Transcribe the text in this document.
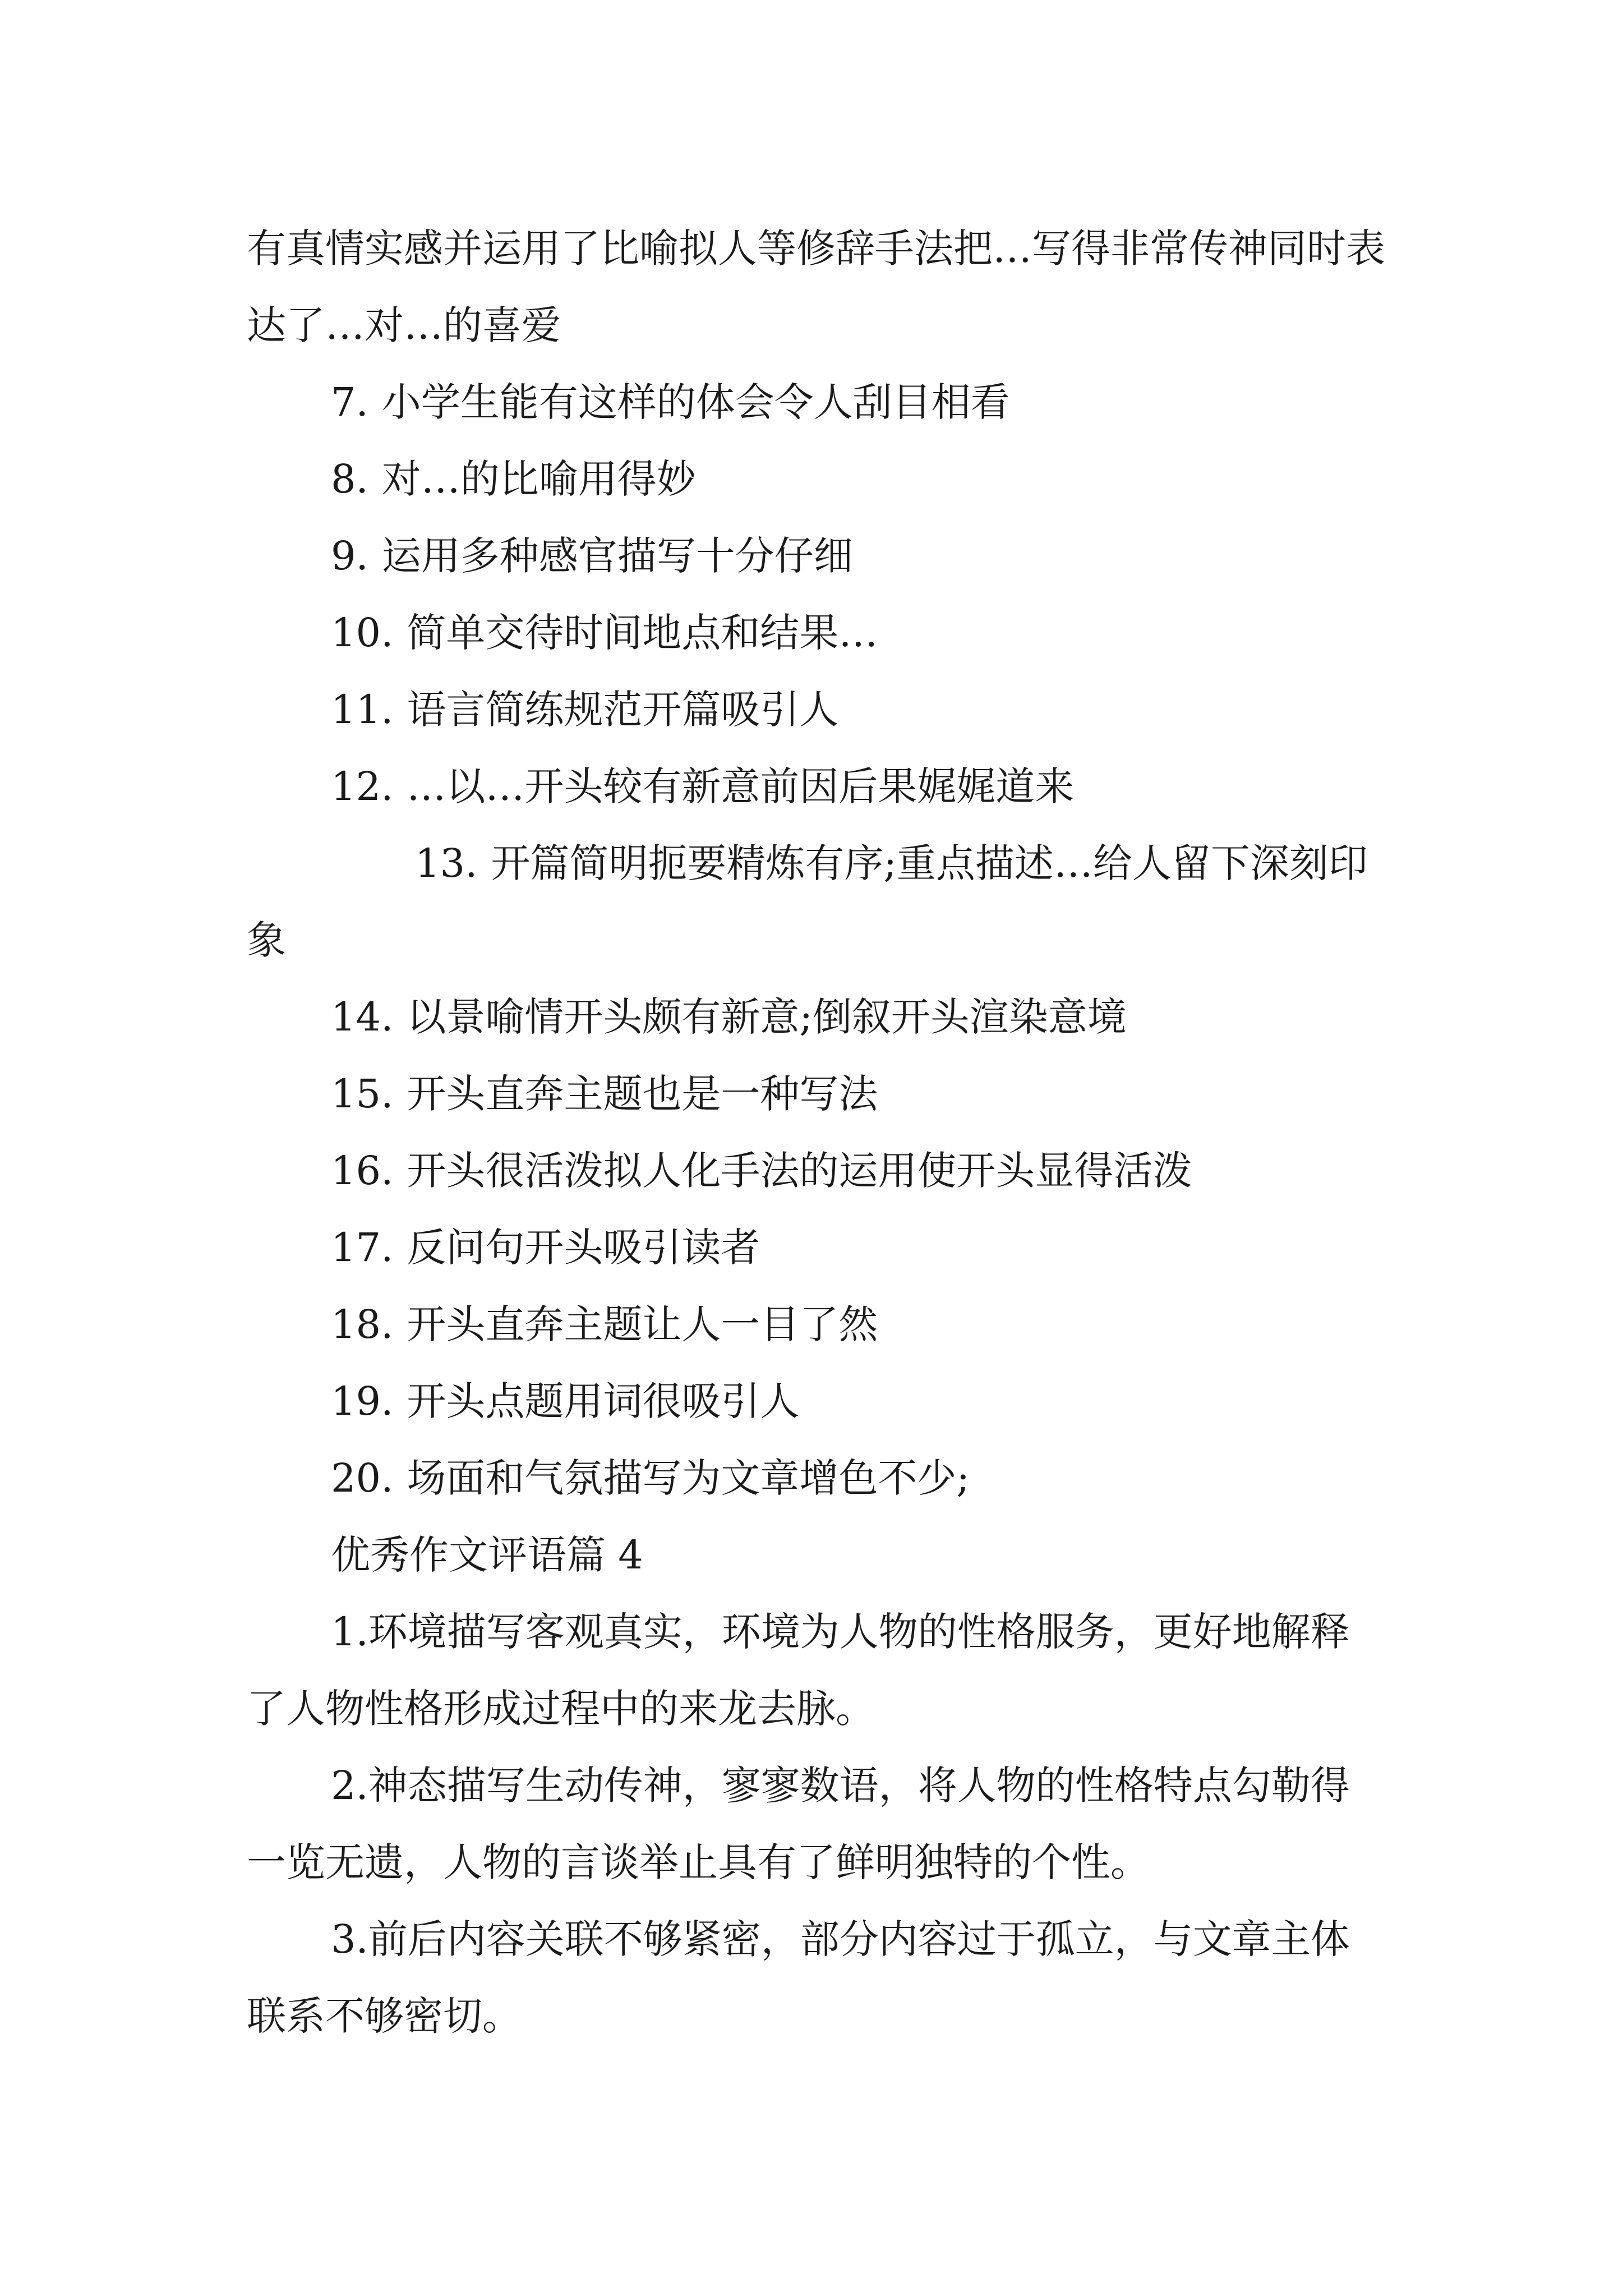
有真情实感并运用了比喻拟人等修辞手法把…写得非常传神同时表达了…对…的喜爱

7. 小学生能有这样的体会令人刮目相看

8. 对…的比喻用得妙

9. 运用多种感官描写十分仔细

10. 简单交待时间地点和结果…

11. 语言简练规范开篇吸引人

12. …以…开头较有新意前因后果娓娓道来

13. 开篇简明扼要精炼有序;重点描述…给人留下深刻印象

14. 以景喻情开头颇有新意;倒叙开头渲染意境

15. 开头直奔主题也是一种写法

16. 开头很活泼拟人化手法的运用使开头显得活泼

17. 反问句开头吸引读者

18. 开头直奔主题让人一目了然

19. 开头点题用词很吸引人

20. 场面和气氛描写为文章增色不少;

优秀作文评语篇 4

1.环境描写客观真实，环境为人物的性格服务，更好地解释了人物性格形成过程中的来龙去脉。

2.神态描写生动传神，寥寥数语，将人物的性格特点勾勒得一览无遗，人物的言谈举止具有了鲜明独特的个性。

3.前后内容关联不够紧密，部分内容过于孤立，与文章主体联系不够密切。
